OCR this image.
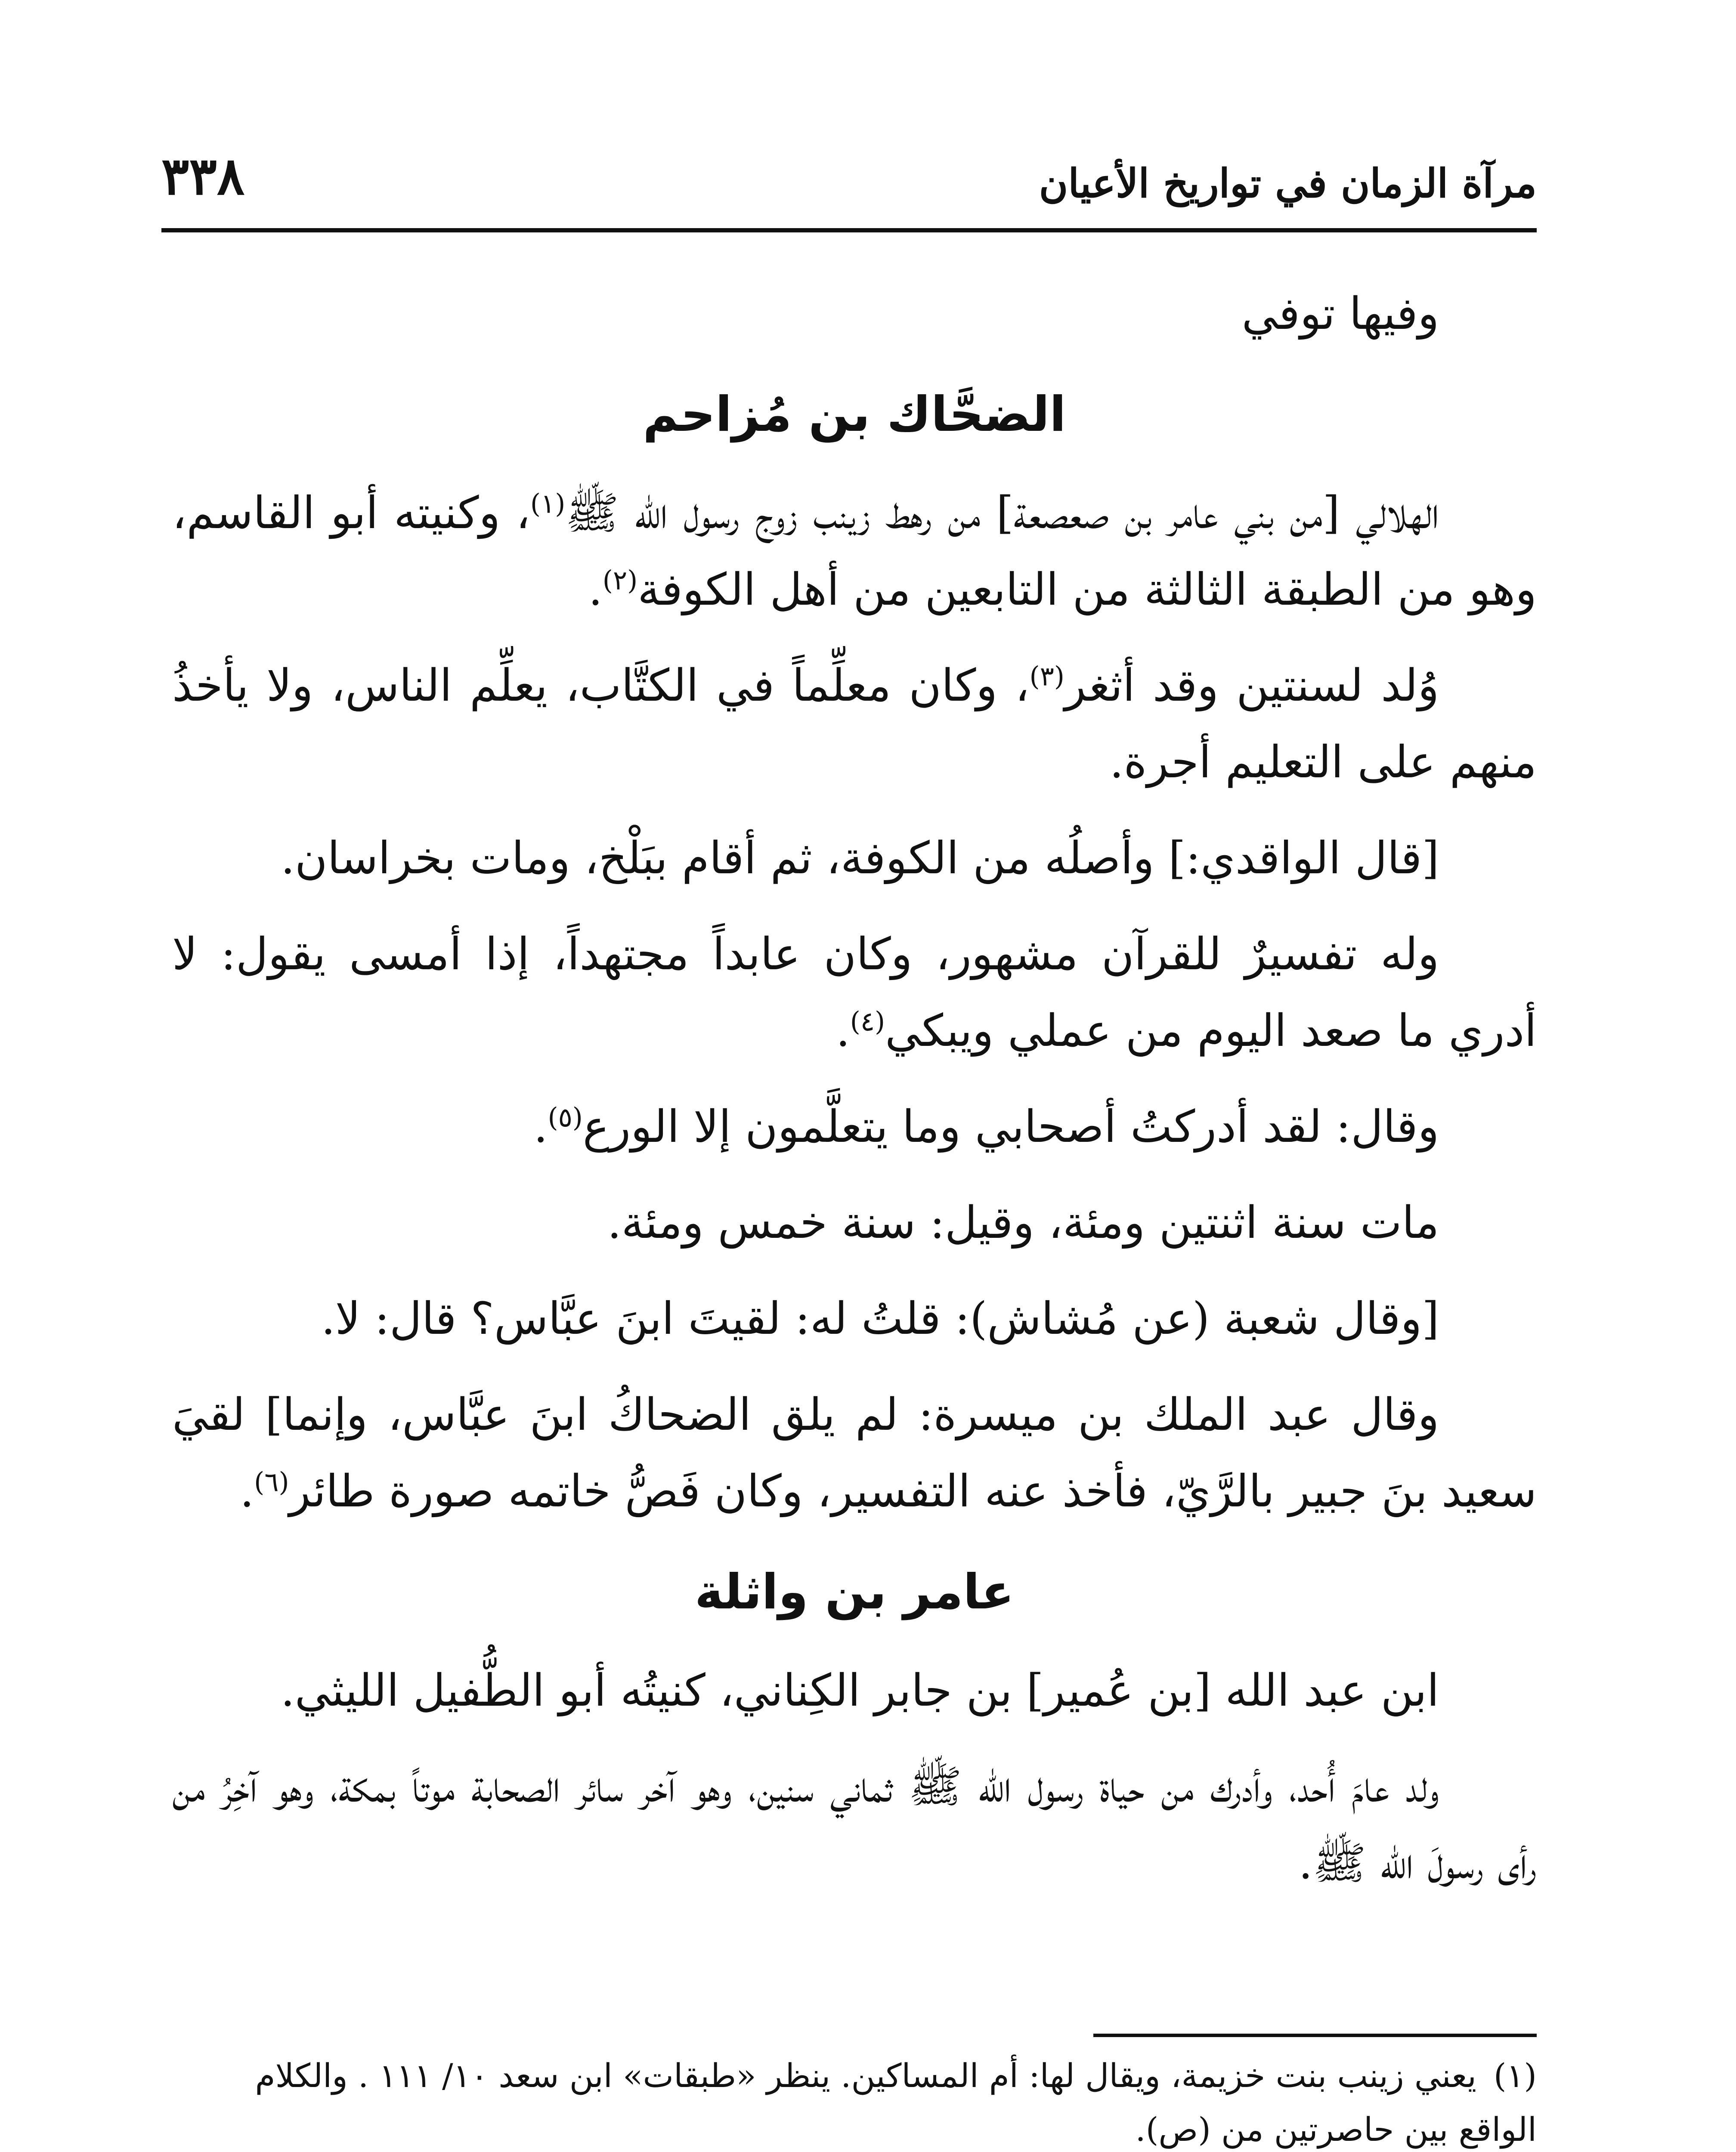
٣٣٨	مرآة الزمان في تواريخ الأعيان

وفيها توفي

الضحَّاك بن مُزاحم

الهلالي [من بني عامر بن صعصعة] من رهط زينب زوج رسول الله ﷺ$^{(١)}$، وكنيته أبو القاسم، وهو من الطبقة الثالثة من التابعين من أهل الكوفة$^{(٢)}$.

وُلد لسنتين وقد أثغر$^{(٣)}$، وكان معلِّماً في الكتَّاب، يعلِّم الناس، ولا يأخذُ منهم على التعليم أجرة.

[قال الواقدي:] وأصلُه من الكوفة، ثم أقام ببَلْخ، ومات بخراسان.

وله تفسيرٌ للقرآن مشهور، وكان عابداً مجتهداً، إذا أمسى يقول: لا أدري ما صعد اليوم من عملي ويبكي$^{(٤)}$.

وقال: لقد أدركتُ أصحابي وما يتعلَّمون إلا الورع$^{(٥)}$.

مات سنة اثنتين ومئة، وقيل: سنة خمس ومئة.

[وقال شعبة (عن مُشاش): قلتُ له: لقيتَ ابنَ عبَّاس؟ قال: لا.

وقال عبد الملك بن ميسرة: لم يلق الضحاكُ ابنَ عبَّاس، وإنما] لقيَ سعيد بنَ جبير بالرَّيّ، فأخذ عنه التفسير، وكان فَصُّ خاتمه صورة طائر$^{(٦)}$.

عامر بن واثلة

ابن عبد الله [بن عُمير] بن جابر الكِناني، كنيتُه أبو الطُّفيل الليثي.

ولد عامَ أُحد، وأدرك من حياة رسول الله ﷺ ثماني سنين، وهو آخر سائر الصحابة موتاً بمكة، وهو آخِرُ من رأى رسولَ الله ﷺ.

(١)يعني زينب بنت خزيمة، ويقال لها: أم المساكين. ينظر «طبقات» ابن سعد ١٠/ ١١١ . والكلام الواقع بين حاصرتين من (ص).
